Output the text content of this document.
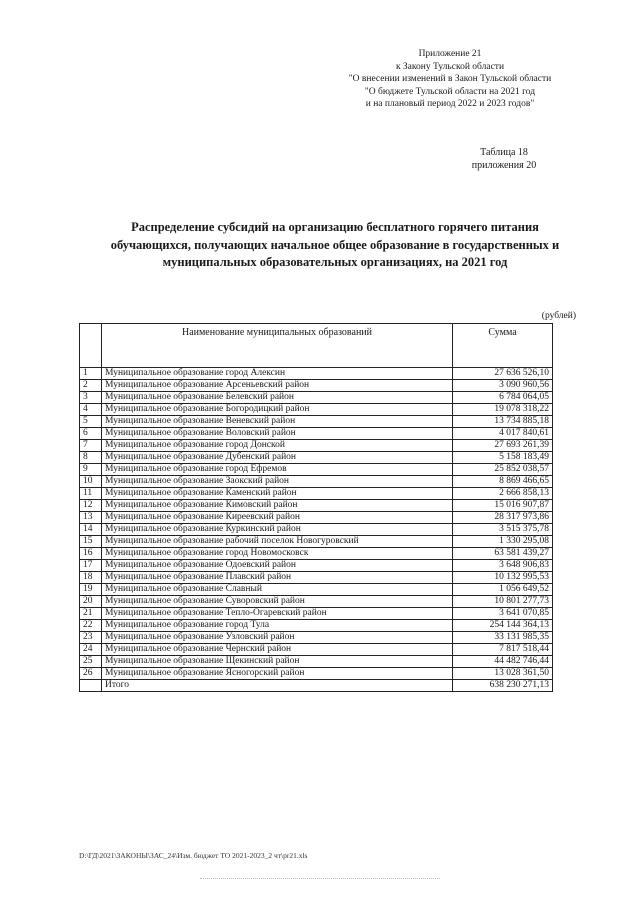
Приложение 21
к Закону Тульской области
"О внесении изменений в Закон Тульской области
"О бюджете Тульской области на 2021 год
и на плановый период 2022 и 2023 годов"
Таблица 18
приложения 20
Распределение субсидий на организацию бесплатного горячего питания
обучающихся, получающих начальное общее образование в государственных и
муниципальных образовательных организациях, на 2021 год
(рублей)
	Наименование муниципальных образований	Сумма
1	Муниципальное образование город Алексин	27 636 526,10
2	Муниципальное образование Арсеньевский район	3 090 960,56
3	Муниципальное образование Белевский район	6 784 064,05
4	Муниципальное образование Богородицкий район	19 078 318,22
5	Муниципальное образование Веневский район	13 734 885,18
6	Муниципальное образование Воловский район	4 017 840,61
7	Муниципальное образование город Донской	27 693 261,39
8	Муниципальное образование Дубенский район	5 158 183,49
9	Муниципальное образование город Ефремов	25 852 038,57
10	Муниципальное образование Заокский район	8 869 466,65
11	Муниципальное образование Каменский район	2 666 858,13
12	Муниципальное образование Кимовский район	15 016 907,87
13	Муниципальное образование Киреевский район	28 317 973,86
14	Муниципальное образование Куркинский район	3 515 375,78
15	Муниципальное образование рабочий поселок Новогуровский	1 330 295,08
16	Муниципальное образование город Новомосковск	63 581 439,27
17	Муниципальное образование Одоевский район	3 648 906,83
18	Муниципальное образование Плавский район	10 132 995,53
19	Муниципальное образование Славный	1 056 649,52
20	Муниципальное образование Суворовский район	10 801 277,73
21	Муниципальное образование Тепло-Огаревский район	3 641 070,85
22	Муниципальное образование город Тула	254 144 364,13
23	Муниципальное образование Узловский район	33 131 985,35
24	Муниципальное образование Чернский район	7 817 518,44
25	Муниципальное образование Щекинский район	44 482 746,44
26	Муниципальное образование Ясногорский район	13 028 361,50
	Итого	638 230 271,13
D:\ГД\2021\ЗАКОНЫ\ЗАС_24\Изм. бюджет ТО 2021-2023_2 чт\pr21.xls
